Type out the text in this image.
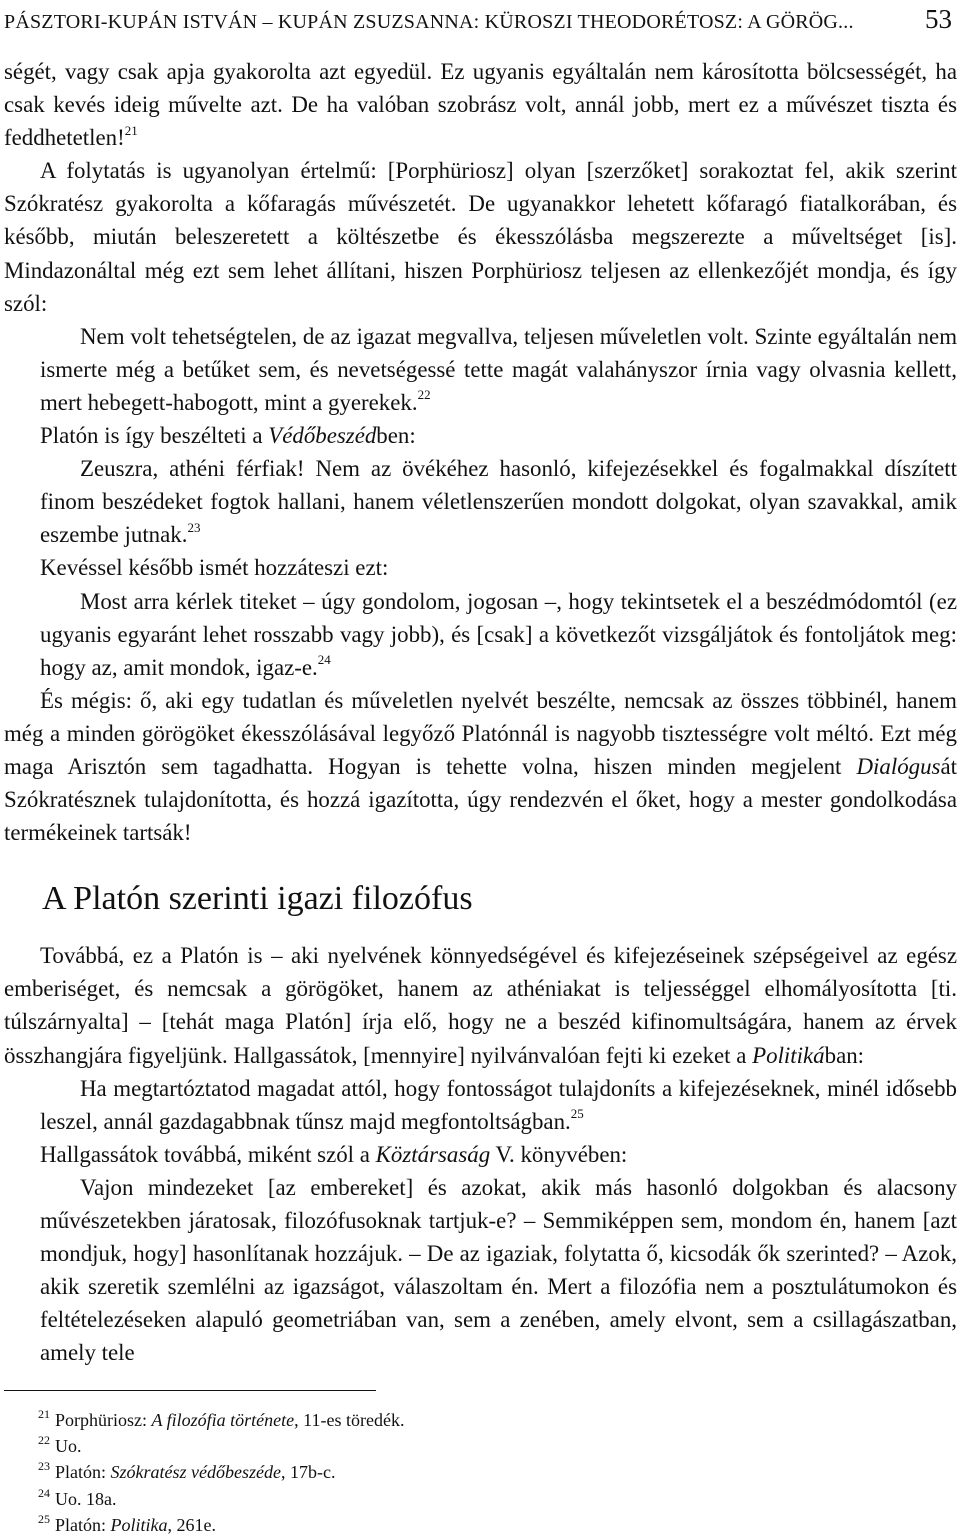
PÁSZTORI-KUPÁN ISTVÁN – KUPÁN ZSUZSANNA: KÜROSZI THEODORÉTOSZ: A GÖRÖG...	53

ségét, vagy csak apja gyakorolta azt egyedül. Ez ugyanis egyáltalán nem károsította bölcsességét, ha csak kevés ideig művelte azt. De ha valóban szobrász volt, annál jobb, mert ez a művészet tiszta és feddhetetlen!$^{21}$

A folytatás is ugyanolyan értelmű: [Porphüriosz] olyan [szerzőket] sorakoztat fel, akik szerint Szókratész gyakorolta a kőfaragás művészetét. De ugyanakkor lehetett kőfaragó fiatalkorában, és később, miután beleszeretett a költészetbe és ékesszólásba megszerezte a műveltséget [is]. Mindazonáltal még ezt sem lehet állítani, hiszen Porphüriosz teljesen az ellenkezőjét mondja, és így szól:

Nem volt tehetségtelen, de az igazat megvallva, teljesen műveletlen volt. Szinte egyáltalán nem ismerte még a betűket sem, és nevetségessé tette magát valahányszor írnia vagy olvasnia kellett, mert hebegett-habogott, mint a gyerekek.$^{22}$

Platón is így beszélteti a Védőbeszédben:

Zeuszra, athéni férfiak! Nem az övékéhez hasonló, kifejezésekkel és fogalmakkal díszített finom beszédeket fogtok hallani, hanem véletlenszerűen mondott dolgokat, olyan szavakkal, amik eszembe jutnak.$^{23}$

Kevéssel később ismét hozzáteszi ezt:

Most arra kérlek titeket – úgy gondolom, jogosan –, hogy tekintsetek el a beszédmódomtól (ez ugyanis egyaránt lehet rosszabb vagy jobb), és [csak] a következőt vizsgáljátok és fontoljátok meg: hogy az, amit mondok, igaz-e.$^{24}$

És mégis: ő, aki egy tudatlan és műveletlen nyelvét beszélte, nemcsak az összes többinél, hanem még a minden görögöket ékesszólásával legyőző Platónnál is nagyobb tisztességre volt méltó. Ezt még maga Arisztón sem tagadhatta. Hogyan is tehette volna, hiszen minden megjelent Dialógusát Szókratésznek tulajdonította, és hozzá igazította, úgy rendezvén el őket, hogy a mester gondolkodása termékeinek tartsák!

A Platón szerinti igazi filozófus

Továbbá, ez a Platón is – aki nyelvének könnyedségével és kifejezéseinek szépségeivel az egész emberiséget, és nemcsak a görögöket, hanem az athéniakat is teljességgel elhomályosította [ti. túlszárnyalta] – [tehát maga Platón] írja elő, hogy ne a beszéd kifinomultságára, hanem az érvek összhangjára figyeljünk. Hallgassátok, [mennyire] nyilvánvalóan fejti ki ezeket a Politikában:

Ha megtartóztatod magadat attól, hogy fontosságot tulajdoníts a kifejezéseknek, minél idősebb leszel, annál gazdagabbnak tűnsz majd megfontoltságban.$^{25}$

Hallgassátok továbbá, miként szól a Köztársaság V. könyvében:

Vajon mindezeket [az embereket] és azokat, akik más hasonló dolgokban és alacsony művészetekben járatosak, filozófusoknak tartjuk-e? – Semmiképpen sem, mondom én, hanem [azt mondjuk, hogy] hasonlítanak hozzájuk. – De az igaziak, folytatta ő, kicsodák ők szerinted? – Azok, akik szeretik szemlélni az igazságot, válaszoltam én. Mert a filozófia nem a posztulátumokon és feltételezéseken alapuló geometriában van, sem a zenében, amely elvont, sem a csillagászatban, amely tele

$^{21}$ Porphüriosz: A filozófia története, 11-es töredék.

$^{22}$ Uo.

$^{23}$ Platón: Szókratész védőbeszéde, 17b-c.

$^{24}$ Uo. 18a.

$^{25}$ Platón: Politika, 261e.
